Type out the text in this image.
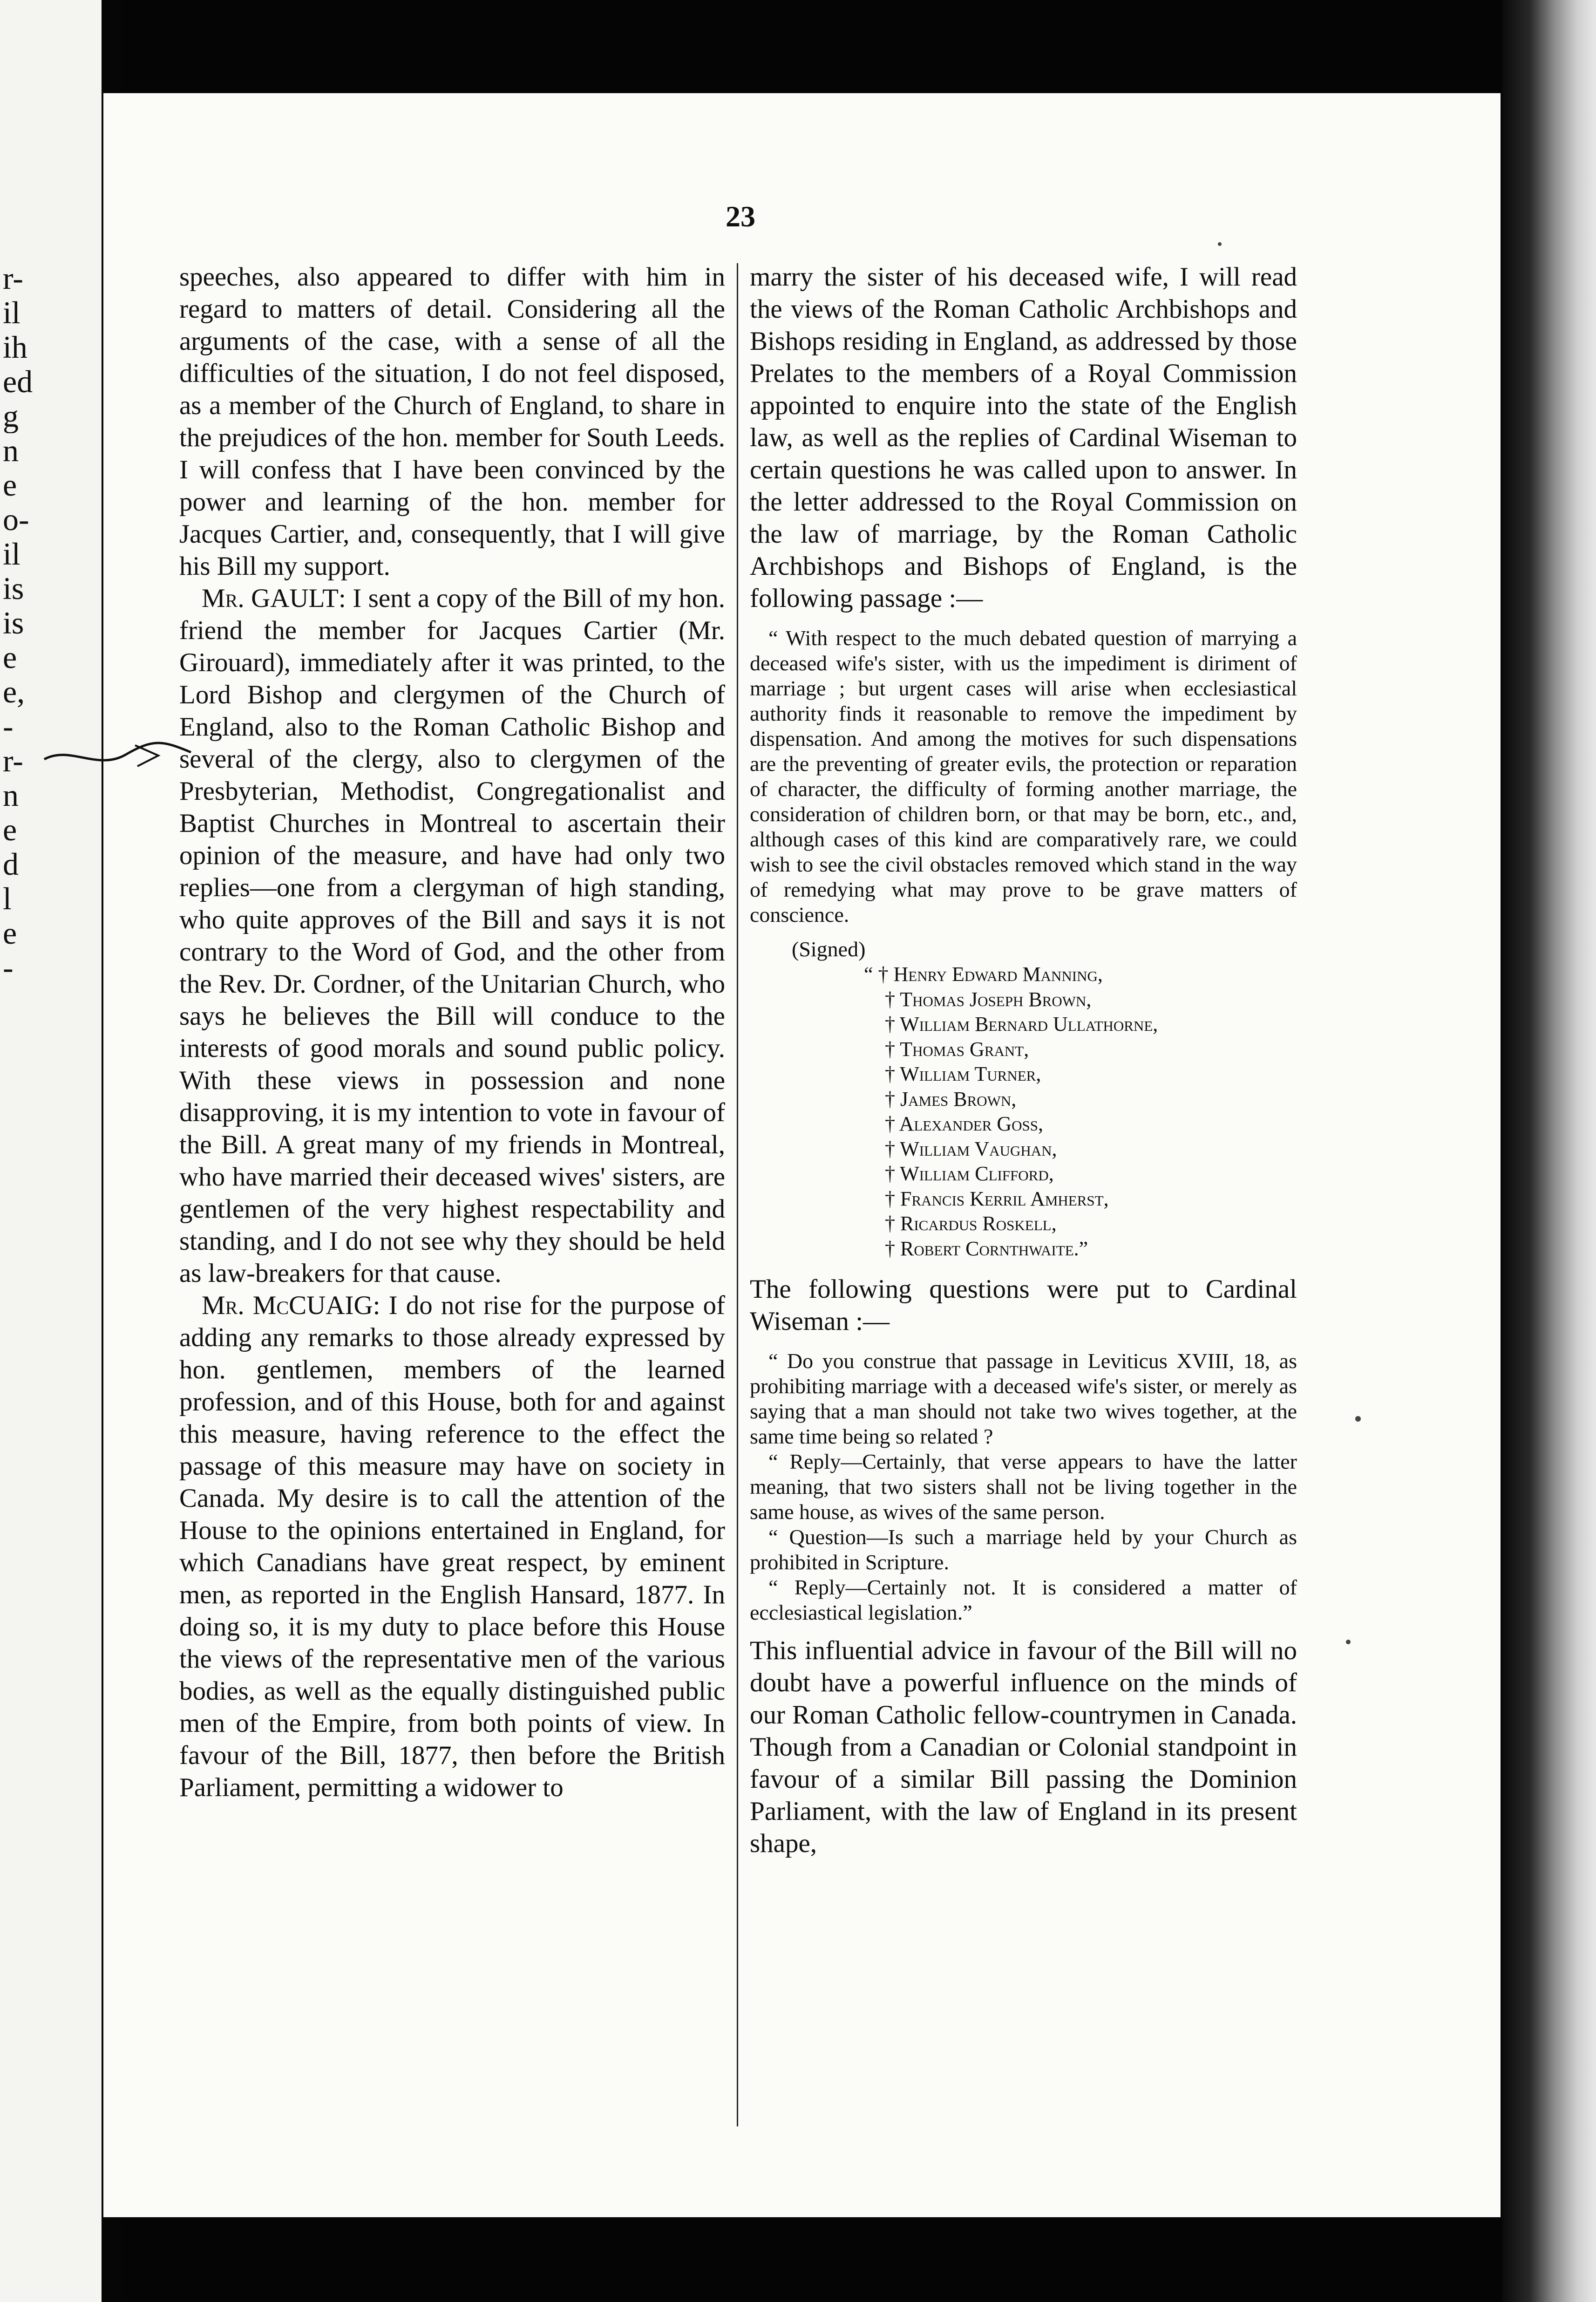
r-
il
ih
ed
g
n
e
o-
il
is
is
e
e,
-
r-
n
e
d
l
e
-
23

speeches, also appeared to differ with him in regard to matters of detail. Considering all the arguments of the case, with a sense of all the difficulties of the situation, I do not feel disposed, as a member of the Church of England, to share in the prejudices of the hon. member for South Leeds. I will confess that I have been convinced by the power and learning of the hon. member for Jacques Cartier, and, consequently, that I will give his Bill my support.

Mr. GAULT: I sent a copy of the Bill of my hon. friend the member for Jacques Cartier (Mr. Girouard), immediately after it was printed, to the Lord Bishop and clergymen of the Church of England, also to the Roman Catholic Bishop and several of the clergy, also to clergymen of the Presbyterian, Methodist, Congregationalist and Baptist Churches in Montreal to ascertain their opinion of the measure, and have had only two replies—one from a clergyman of high standing, who quite approves of the Bill and says it is not contrary to the Word of God, and the other from the Rev. Dr. Cordner, of the Unitarian Church, who says he believes the Bill will conduce to the interests of good morals and sound public policy. With these views in possession and none disapproving, it is my intention to vote in favour of the Bill. A great many of my friends in Montreal, who have married their deceased wives' sisters, are gentlemen of the very highest respectability and standing, and I do not see why they should be held as law-breakers for that cause.

Mr. McCUAIG: I do not rise for the purpose of adding any remarks to those already expressed by hon. gentlemen, members of the learned profession, and of this House, both for and against this measure, having reference to the effect the passage of this measure may have on society in Canada. My desire is to call the attention of the House to the opinions entertained in England, for which Canadians have great respect, by eminent men, as reported in the English Hansard, 1877. In doing so, it is my duty to place before this House the views of the representative men of the various bodies, as well as the equally distinguished public men of the Empire, from both points of view. In favour of the Bill, 1877, then before the British Parliament, permitting a widower to

marry the sister of his deceased wife, I will read the views of the Roman Catholic Archbishops and Bishops residing in England, as addressed by those Prelates to the members of a Royal Commission appointed to enquire into the state of the English law, as well as the replies of Cardinal Wiseman to certain questions he was called upon to answer. In the letter addressed to the Royal Commission on the law of marriage, by the Roman Catholic Archbishops and Bishops of England, is the following passage :—

“ With respect to the much debated question of marrying a deceased wife's sister, with us the impediment is diriment of marriage ; but urgent cases will arise when ecclesiastical authority finds it reasonable to remove the impediment by dispensation. And among the motives for such dispensations are the preventing of greater evils, the protection or reparation of character, the difficulty of forming another marriage, the consideration of children born, or that may be born, etc., and, although cases of this kind are comparatively rare, we could wish to see the civil obstacles removed which stand in the way of remedying what may prove to be grave matters of conscience.

(Signed)
“ † Henry Edward Manning,
† Thomas Joseph Brown,
† William Bernard Ullathorne,
† Thomas Grant,
† William Turner,
† James Brown,
† Alexander Goss,
† William Vaughan,
† William Clifford,
† Francis Kerril Amherst,
† Ricardus Roskell,
† Robert Cornthwaite.”

The following questions were put to Cardinal Wiseman :—

“ Do you construe that passage in Leviticus XVIII, 18, as prohibiting marriage with a deceased wife's sister, or merely as saying that a man should not take two wives together, at the same time being so related ?

“ Reply—Certainly, that verse appears to have the latter meaning, that two sisters shall not be living together in the same house, as wives of the same person.

“ Question—Is such a marriage held by your Church as prohibited in Scripture.

“ Reply—Certainly not. It is considered a matter of ecclesiastical legislation.”

This influential advice in favour of the Bill will no doubt have a powerful influence on the minds of our Roman Catholic fellow-countrymen in Canada. Though from a Canadian or Colonial standpoint in favour of a similar Bill passing the Dominion Parliament, with the law of England in its present shape,
